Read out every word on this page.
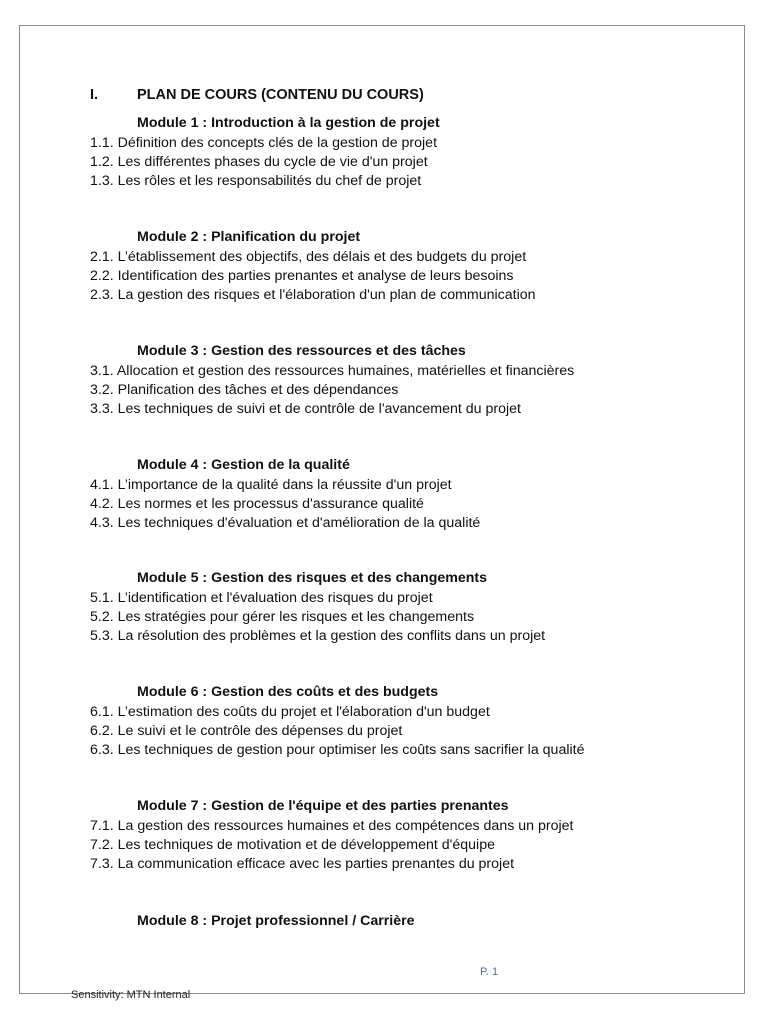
I.	PLAN DE COURS (CONTENU DU COURS)
Module 1 : Introduction à la gestion de projet
1.1. Définition des concepts clés de la gestion de projet
1.2. Les différentes phases du cycle de vie d'un projet
1.3. Les rôles et les responsabilités du chef de projet
Module 2 : Planification du projet
2.1. L’établissement des objectifs, des délais et des budgets du projet
2.2. Identification des parties prenantes et analyse de leurs besoins
2.3. La gestion des risques et l'élaboration d'un plan de communication
Module 3 : Gestion des ressources et des tâches
3.1. Allocation et gestion des ressources humaines, matérielles et financières
3.2. Planification des tâches et des dépendances
3.3. Les techniques de suivi et de contrôle de l'avancement du projet
Module 4 : Gestion de la qualité
4.1. L’importance de la qualité dans la réussite d'un projet
4.2. Les normes et les processus d'assurance qualité
4.3. Les techniques d'évaluation et d'amélioration de la qualité
Module 5 : Gestion des risques et des changements
5.1. L’identification et l'évaluation des risques du projet
5.2. Les stratégies pour gérer les risques et les changements
5.3. La résolution des problèmes et la gestion des conflits dans un projet
Module 6 : Gestion des coûts et des budgets
6.1. L’estimation des coûts du projet et l'élaboration d'un budget
6.2. Le suivi et le contrôle des dépenses du projet
6.3. Les techniques de gestion pour optimiser les coûts sans sacrifier la qualité
Module 7 : Gestion de l'équipe et des parties prenantes
7.1. La gestion des ressources humaines et des compétences dans un projet
7.2. Les techniques de motivation et de développement d'équipe
7.3. La communication efficace avec les parties prenantes du projet
Module 8 : Projet professionnel / Carrière
P. 1
Sensitivity: MTN Internal
